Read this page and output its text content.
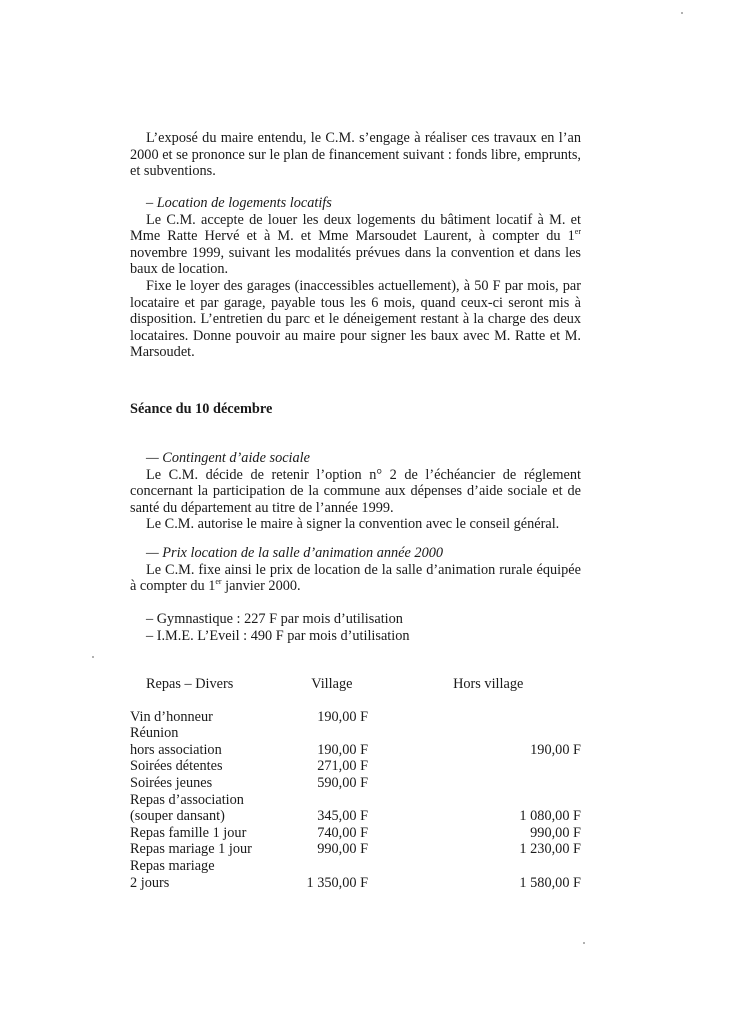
L’exposé du maire entendu, le C.M. s’engage à réaliser ces travaux en l’an 2000 et se prononce sur le plan de financement suivant : fonds libre, emprunts, et subventions.

– Location de logements locatifs

Le C.M. accepte de louer les deux logements du bâtiment locatif à M. et Mme Ratte Hervé et à M. et Mme Marsoudet Laurent, à compter du 1er novembre 1999, suivant les modalités prévues dans la convention et dans les baux de location.

Fixe le loyer des garages (inaccessibles actuellement), à 50 F par mois, par locataire et par garage, payable tous les 6 mois, quand ceux-ci seront mis à disposition. L’entretien du parc et le déneigement restant à la charge des deux locataires. Donne pouvoir au maire pour signer les baux avec M. Ratte et M. Marsoudet.

Séance du 10 décembre

— Contingent d’aide sociale

Le C.M. décide de retenir l’option n° 2 de l’échéancier de réglement concernant la participation de la commune aux dépenses d’aide sociale et de santé du département au titre de l’année 1999.

Le C.M. autorise le maire à signer la convention avec le conseil général.

— Prix location de la salle d’animation année 2000

Le C.M. fixe ainsi le prix de location de la salle d’animation rurale équipée à compter du 1er janvier 2000.

– Gymnastique : 227 F par mois d’utilisation

– I.M.E. L’Eveil : 490 F par mois d’utilisation

Repas – Divers	Village	Hors village

Vin d’honneur	190,00 F	
Réunion		
hors association	190,00 F	190,00 F
Soirées détentes	271,00 F	
Soirées jeunes	590,00 F	
Repas d’association		
(souper dansant)	345,00 F	1 080,00 F
Repas famille 1 jour	740,00 F	990,00 F
Repas mariage 1 jour	990,00 F	1 230,00 F
Repas mariage		
2 jours	1 350,00 F	1 580,00 F
